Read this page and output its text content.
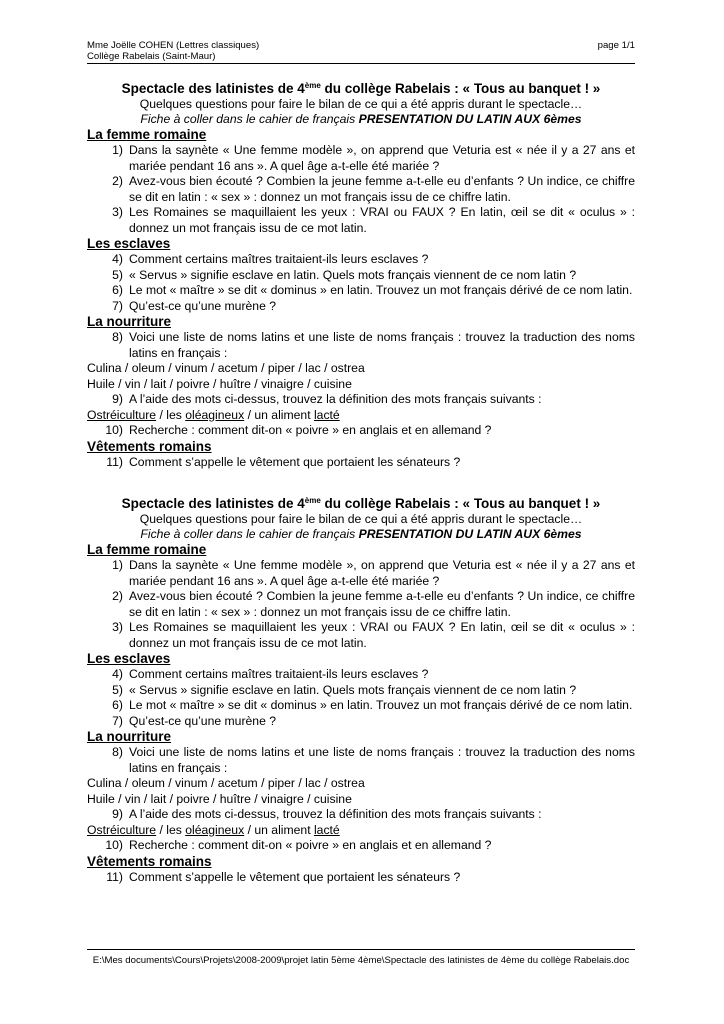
Mme Joëlle COHEN (Lettres classiques)
Collège Rabelais (Saint-Maur)
page 1/1
Spectacle des latinistes de 4ème du collège Rabelais : « Tous au banquet ! »
Quelques questions pour faire le bilan de ce qui a été appris durant le spectacle…
Fiche à coller dans le cahier de français PRESENTATION DU LATIN AUX 6èmes
La femme romaine
1) Dans la saynète « Une femme modèle », on apprend que Veturia est « née il y a 27 ans et mariée pendant 16 ans ». A quel âge a-t-elle été mariée ?
2) Avez-vous bien écouté ? Combien la jeune femme a-t-elle eu d’enfants ? Un indice, ce chiffre se dit en latin : « sex » : donnez un mot français issu de ce chiffre latin.
3) Les Romaines se maquillaient les yeux : VRAI ou FAUX ? En latin, œil se dit « oculus » : donnez un mot français issu de ce mot latin.
Les esclaves
4) Comment certains maîtres traitaient-ils leurs esclaves ?
5) « Servus » signifie esclave en latin. Quels mots français viennent de ce nom latin ?
6) Le mot « maître » se dit « dominus » en latin. Trouvez un mot français dérivé de ce nom latin.
7) Qu’est-ce qu’une murène ?
La nourriture
8) Voici une liste de noms latins et une liste de noms français : trouvez la traduction des noms latins en français :
Culina / oleum / vinum / acetum / piper / lac / ostrea
Huile / vin / lait / poivre / huître / vinaigre / cuisine
9) A l’aide des mots ci-dessus, trouvez la définition des mots français suivants :
Ostréiculture / les oléagineux / un aliment lacté
10) Recherche : comment dit-on « poivre » en anglais et en allemand ?
Vêtements romains
11) Comment s’appelle le vêtement que portaient les sénateurs ?
Spectacle des latinistes de 4ème du collège Rabelais : « Tous au banquet ! »
Quelques questions pour faire le bilan de ce qui a été appris durant le spectacle…
Fiche à coller dans le cahier de français PRESENTATION DU LATIN AUX 6èmes
La femme romaine
1) Dans la saynète « Une femme modèle », on apprend que Veturia est « née il y a 27 ans et mariée pendant 16 ans ». A quel âge a-t-elle été mariée ?
2) Avez-vous bien écouté ? Combien la jeune femme a-t-elle eu d’enfants ? Un indice, ce chiffre se dit en latin : « sex » : donnez un mot français issu de ce chiffre latin.
3) Les Romaines se maquillaient les yeux : VRAI ou FAUX ? En latin, œil se dit « oculus » : donnez un mot français issu de ce mot latin.
Les esclaves
4) Comment certains maîtres traitaient-ils leurs esclaves ?
5) « Servus » signifie esclave en latin. Quels mots français viennent de ce nom latin ?
6) Le mot « maître » se dit « dominus » en latin. Trouvez un mot français dérivé de ce nom latin.
7) Qu’est-ce qu’une murène ?
La nourriture
8) Voici une liste de noms latins et une liste de noms français : trouvez la traduction des noms latins en français :
Culina / oleum / vinum / acetum / piper / lac / ostrea
Huile / vin / lait / poivre / huître / vinaigre / cuisine
9) A l’aide des mots ci-dessus, trouvez la définition des mots français suivants :
Ostréiculture / les oléagineux / un aliment lacté
10) Recherche : comment dit-on « poivre » en anglais et en allemand ?
Vêtements romains
11) Comment s’appelle le vêtement que portaient les sénateurs ?
E:\Mes documents\Cours\Projets\2008-2009\projet latin 5ème 4ème\Spectacle des latinistes de 4ème du collège Rabelais.doc
